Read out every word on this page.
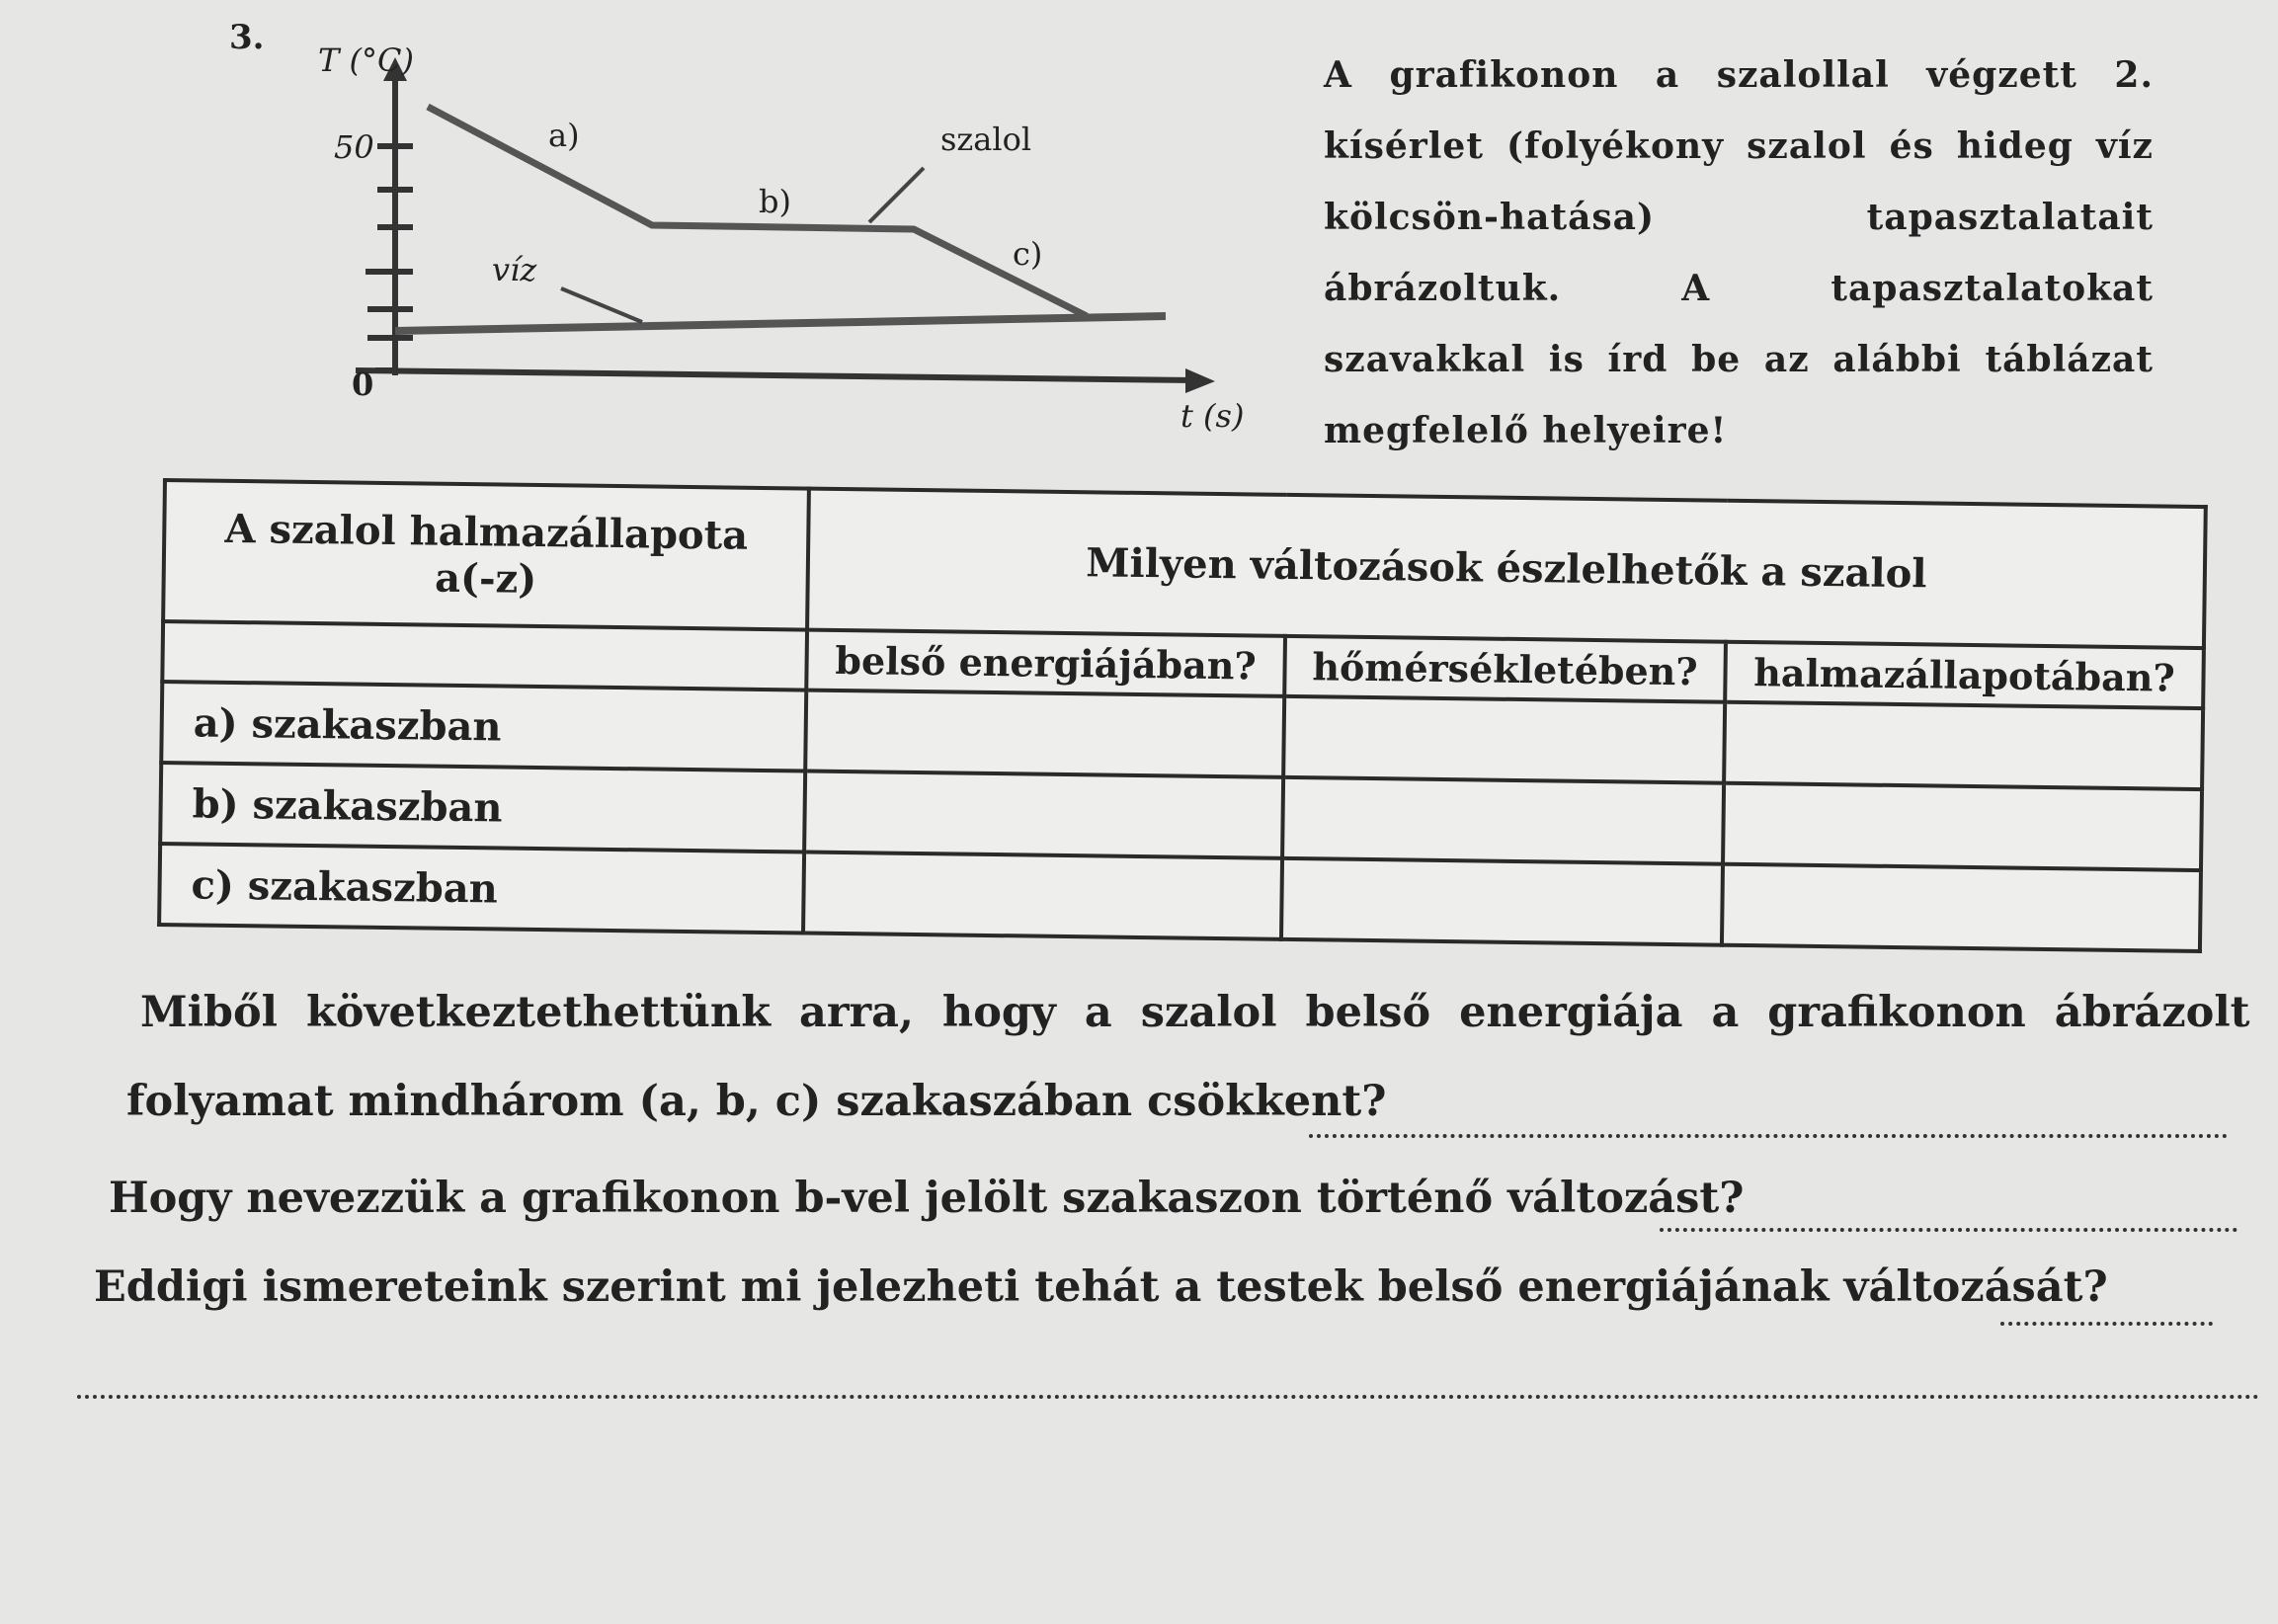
3.
T (°C)
50
0
a)
b)
c)
szalol
víz
t (s)
A grafikonon a szalollal végzett 2. kísérlet (folyékony szalol és hideg víz kölcsön-hatása) tapasztalatait ábrázoltuk. A tapasztalatokat szavakkal is írd be az alábbi táblázat megfelelő helyeire!
A szalol halmazállapota
a(-z)	Milyen változások észlelhetők a szalol		
	belső energiájában?	hőmérsékletében?	halmazállapotában?
a) szakaszban			
b) szakaszban			
c) szakaszban			
Miből következtethettünk arra, hogy a szalol belső energiája a grafikonon ábrázolt
folyamat mindhárom (a, b, c) szakaszában csökkent?
Hogy nevezzük a grafikonon b-vel jelölt szakaszon történő változást?
Eddigi ismereteink szerint mi jelezheti tehát a testek belső energiájának változását?
